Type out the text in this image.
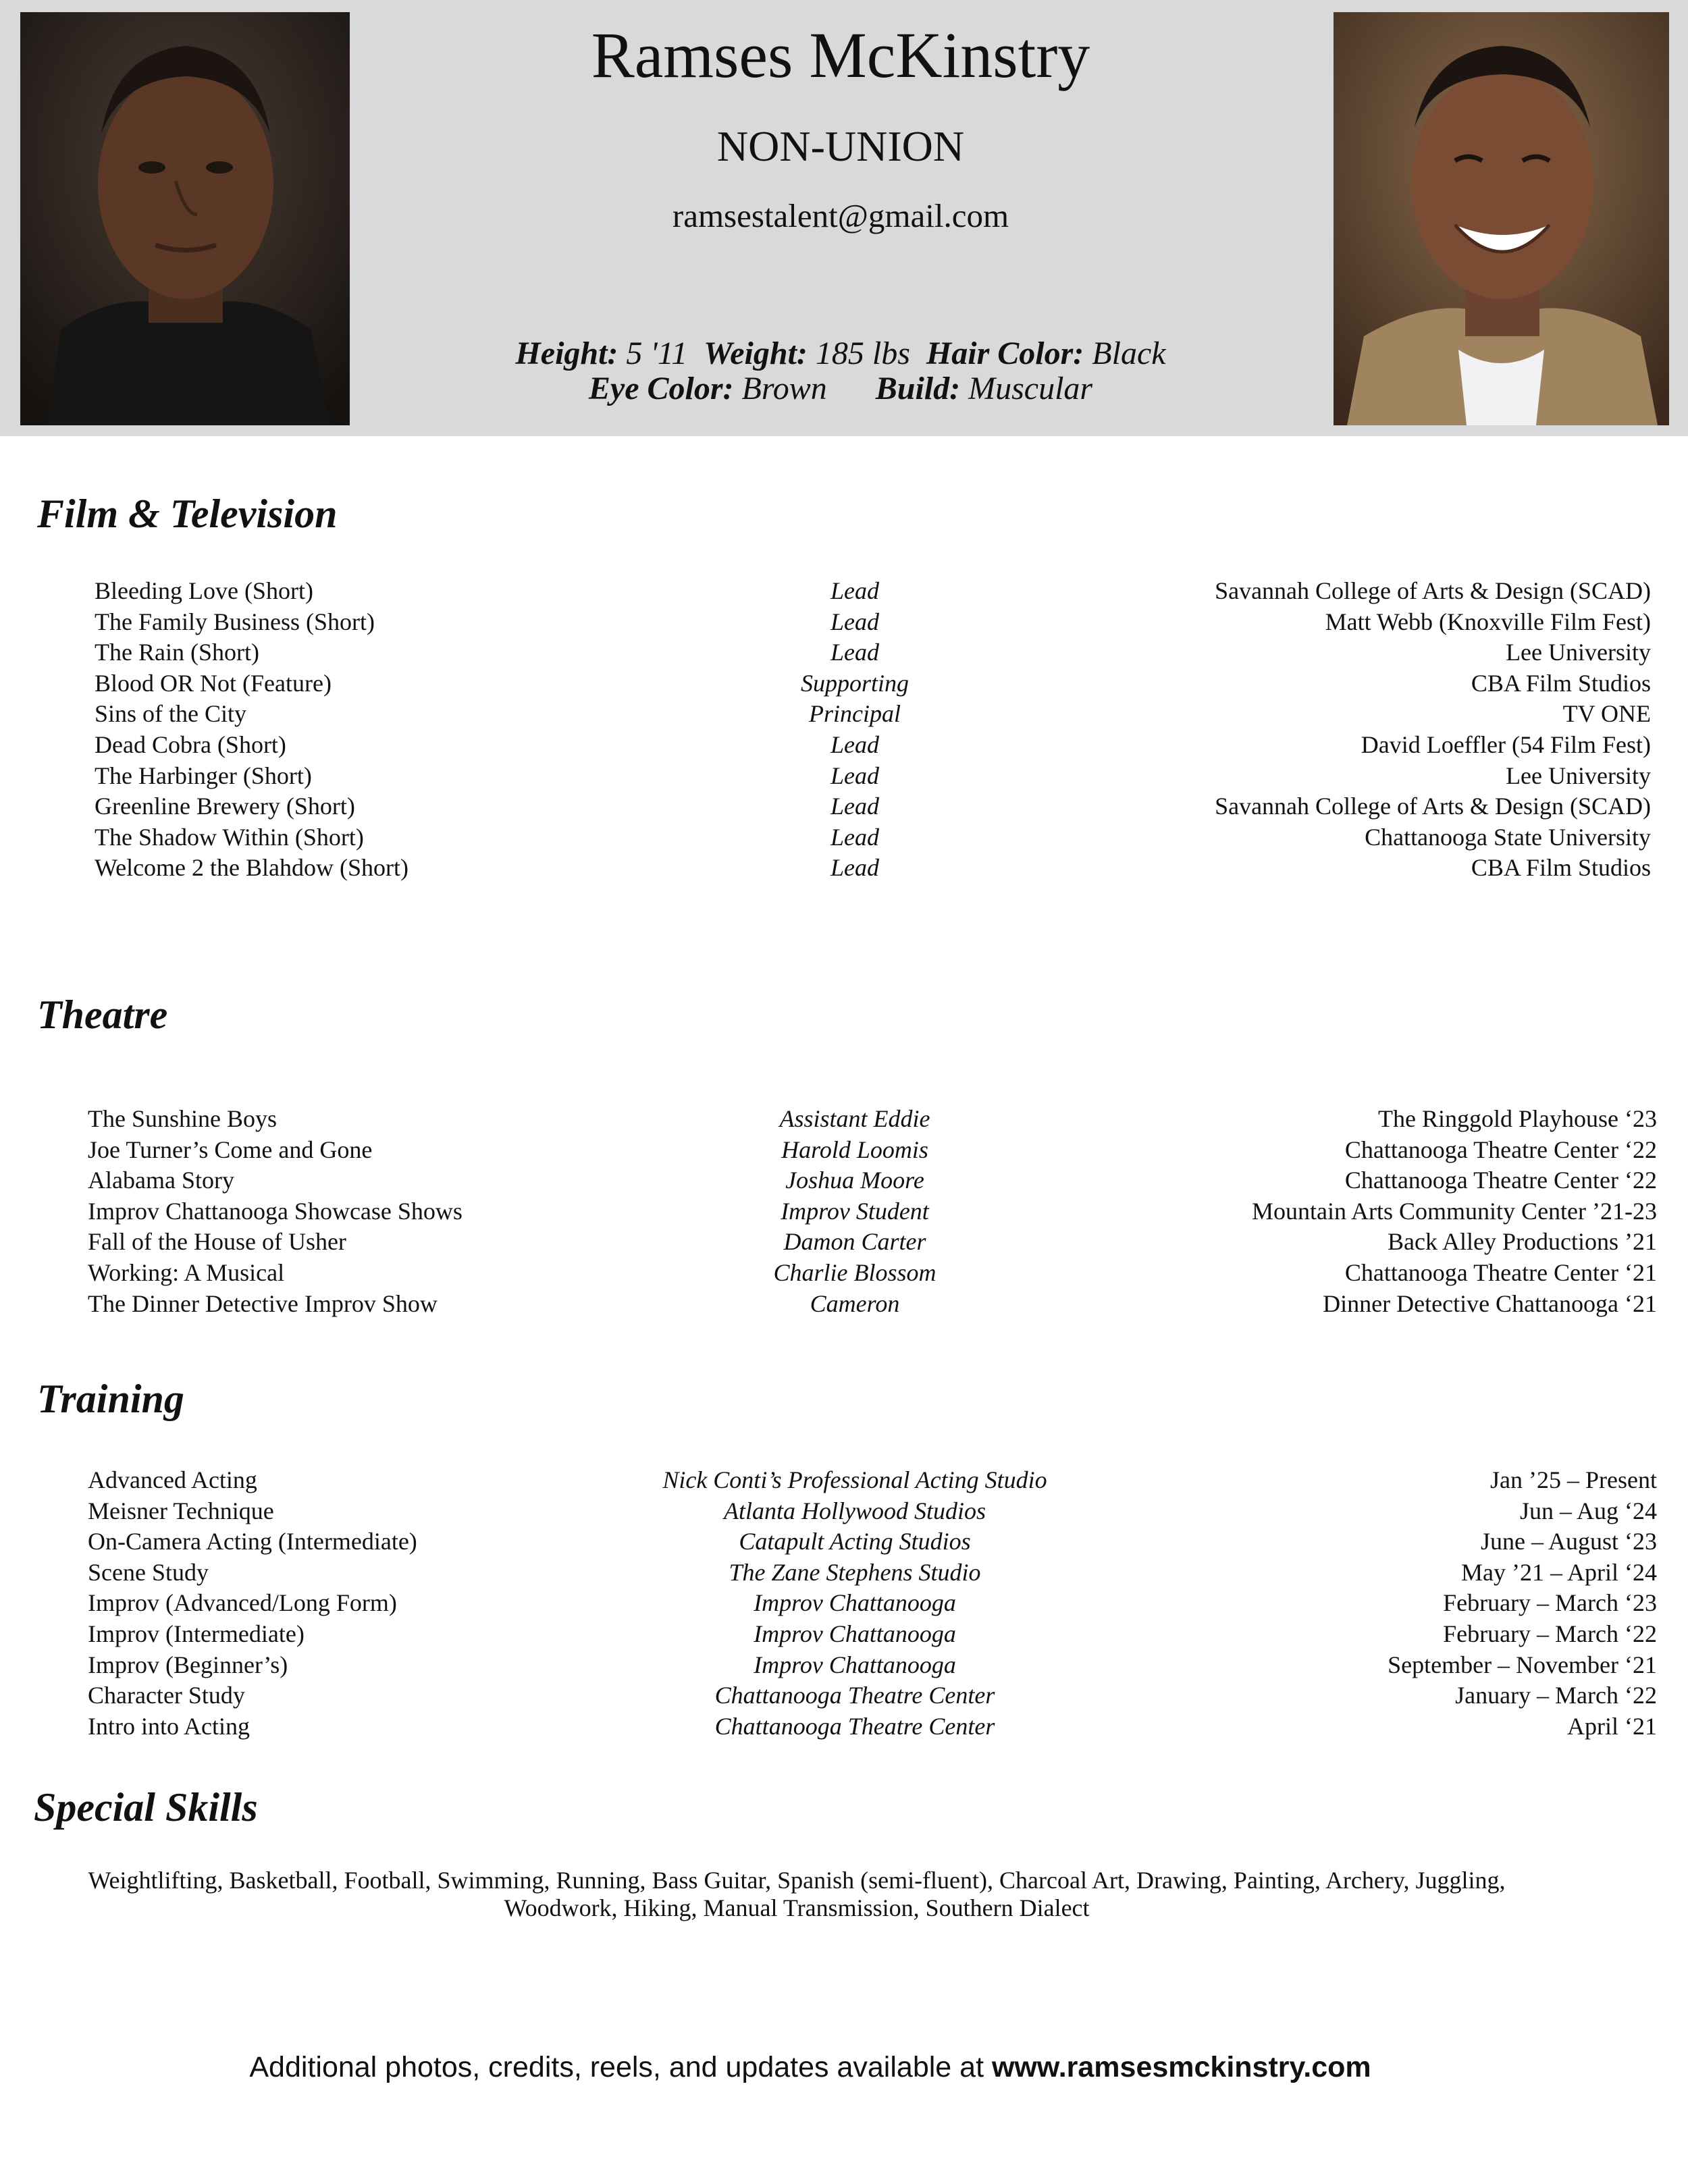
Ramses McKinstry
NON-UNION
ramsestalent@gmail.com
Height: 5 '11 Weight: 185 lbs Hair Color: Black
Eye Color: Brown Build: Muscular
Film & Television
Bleeding Love (Short)	Lead	Savannah College of Arts & Design (SCAD)
The Family Business (Short)	Lead	Matt Webb (Knoxville Film Fest)
The Rain (Short)	Lead	Lee University
Blood OR Not (Feature)	Supporting	CBA Film Studios
Sins of the City	Principal	TV ONE
Dead Cobra (Short)	Lead	David Loeffler (54 Film Fest)
The Harbinger (Short)	Lead	Lee University
Greenline Brewery (Short)	Lead	Savannah College of Arts & Design (SCAD)
The Shadow Within (Short)	Lead	Chattanooga State University
Welcome 2 the Blahdow (Short)	Lead	CBA Film Studios
Theatre
The Sunshine Boys	Assistant Eddie	The Ringgold Playhouse ‘23
Joe Turner’s Come and Gone	Harold Loomis	Chattanooga Theatre Center ‘22
Alabama Story	Joshua Moore	Chattanooga Theatre Center ‘22
Improv Chattanooga Showcase Shows	Improv Student	Mountain Arts Community Center ’21-23
Fall of the House of Usher	Damon Carter	Back Alley Productions ’21
Working: A Musical	Charlie Blossom	Chattanooga Theatre Center ‘21
The Dinner Detective Improv Show	Cameron	Dinner Detective Chattanooga ‘21
Training
Advanced Acting	Nick Conti’s Professional Acting Studio	Jan ’25 – Present
Meisner Technique	Atlanta Hollywood Studios	Jun – Aug ‘24
On-Camera Acting (Intermediate)	Catapult Acting Studios	June – August ‘23
Scene Study	The Zane Stephens Studio	May ’21 – April ‘24
Improv (Advanced/Long Form)	Improv Chattanooga	February – March ‘23
Improv (Intermediate)	Improv Chattanooga	February – March ‘22
Improv (Beginner’s)	Improv Chattanooga	September – November ‘21
Character Study	Chattanooga Theatre Center	January – March ‘22
Intro into Acting	Chattanooga Theatre Center	April ‘21
Special Skills
Weightlifting, Basketball, Football, Swimming, Running, Bass Guitar, Spanish (semi-fluent), Charcoal Art, Drawing, Painting, Archery, Juggling,
Woodwork, Hiking, Manual Transmission, Southern Dialect
Additional photos, credits, reels, and updates available at www.ramsesmckinstry.com
